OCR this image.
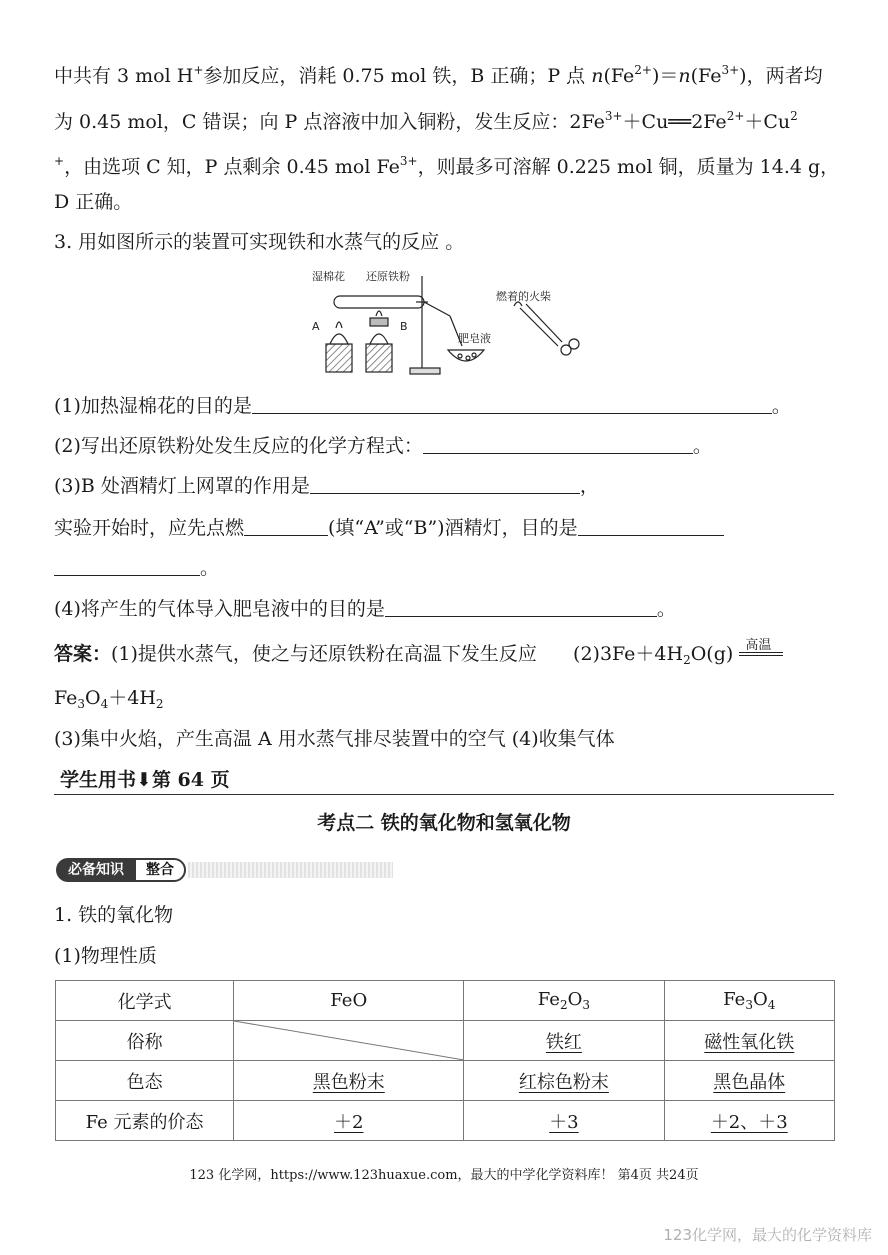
中共有 3 mol H+参加反应，消耗 0.75 mol 铁，B 正确；P 点 $n(Fe^{2+})=n(Fe^{3+})$，两者均
为 0.45 mol，C 错误；向 P 点溶液中加入铜粉，发生反应：$2Fe^{3+}+Cu══2Fe^{2+}+Cu^2$
+，由选项 C 知，P 点剩余 0.45 mol $Fe^{3+}$，则最多可溶解 0.225 mol 铜，质量为 14.4 g，
D 正确。
3. 用如图所示的装置可实现铁和水蒸气的反应 。
湿棉花 还原铁粉
燃着的火柴
肥皂液
A	B
(1)加热湿棉花的目的是	。
(2)写出还原铁粉处发生反应的化学方程式：	。
(3)B 处酒精灯上网罩的作用是	，
实验开始时，应先点燃	(填“A”或“B”)酒精灯，目的是
。
(4)将产生的气体导入肥皂液中的目的是	。
答案：(1)提供水蒸气，使之与还原铁粉在高温下发生反应 $(2)3Fe+4H_2O(g)$ 高温
$Fe_3O_4+4H_2$
(3)集中火焰，产生高温 A 用水蒸气排尽装置中的空气 (4)收集气体
学生用书⬇第 64 页
考点二 铁的氧化物和氢氧化物
必备知识	整合
1. 铁的氧化物
(1)物理性质
化学式	FeO	$Fe_2O_3$	$Fe_3O_4$
俗称		铁红	磁性氧化铁
色态	黑色粉末	红棕色粉末	黑色晶体
Fe 元素的价态	＋2	＋3	＋2、＋3
123 化学网，https://www.123huaxue.com，最大的中学化学资料库！ 第4页 共24页
123化学网，最大的化学资料库
